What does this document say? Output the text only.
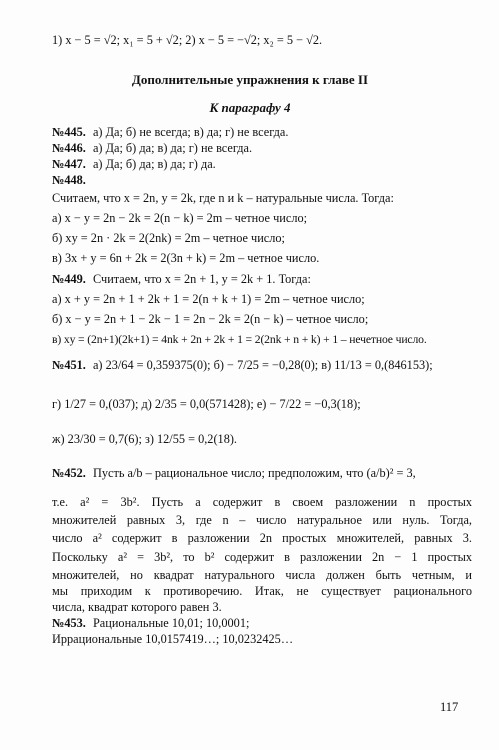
1) x − 5 = √2; x₁ = 5 + √2; 2) x − 5 = −√2; x₂ = 5 − √2.
Дополнительные упражнения к главе II
К параграфу 4
№445. а) Да; б) не всегда; в) да; г) не всегда.
№446. а) Да; б) да; в) да; г) не всегда.
№447. а) Да; б) да; в) да; г) да.
№448.
Считаем, что x = 2n, y = 2k, где n и k – натуральные числа. Тогда:
а) x − y = 2n − 2k = 2(n − k) = 2m – четное число;
б) xy = 2n · 2k = 2(2nk) = 2m – четное число;
в) 3x + y = 6n + 2k = 2(3n + k) = 2m – четное число.
№449. Считаем, что x = 2n + 1, y = 2k + 1. Тогда:
а) x + y = 2n + 1 + 2k + 1 = 2(n + k + 1) = 2m – четное число;
б) x − y = 2n + 1 − 2k − 1 = 2n − 2k = 2(n − k) – четное число;
в) xy = (2n+1)(2k+1) = 4nk + 2n + 2k + 1 = 2(2nk + n + k) + 1 – нечетное число.
№451. а) 23/64 = 0,359375(0); б) − 7/25 = −0,28(0); в) 11/13 = 0,(846153);
г) 1/27 = 0,(037); д) 2/35 = 0,0(571428); е) − 7/22 = −0,3(18);
ж) 23/30 = 0,7(6); з) 12/55 = 0,2(18).
№452. Пусть a/b – рациональное число; предположим, что (a/b)² = 3,
т.е. a² = 3b². Пусть a содержит в своем разложении n простых
множителей равных 3, где n – число натуральное или нуль. Тогда,
число a² содержит в разложении 2n простых множителей, равных 3.
Поскольку a² = 3b², то b² содержит в разложении 2n − 1 простых
множителей, но квадрат натурального числа должен быть четным, и
мы приходим к противоречию. Итак, не существует рационального
числа, квадрат которого равен 3.
№453. Рациональные 10,01; 10,0001;
Иррациональные 10,0157419…; 10,0232425…
117
